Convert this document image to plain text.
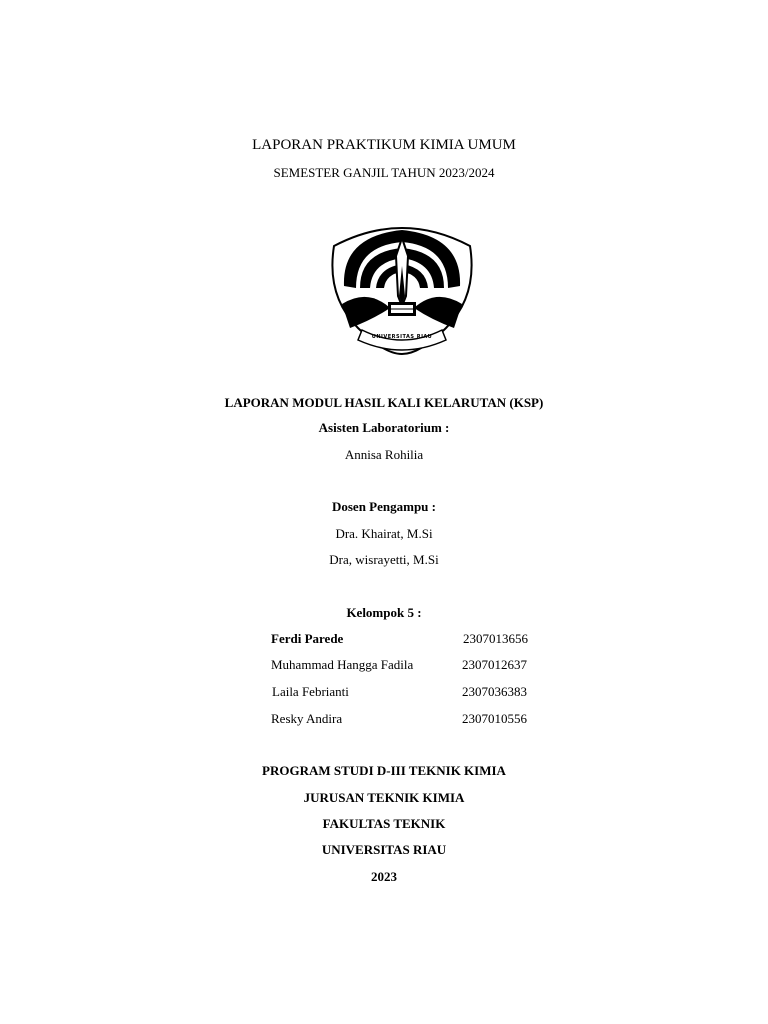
LAPORAN PRAKTIKUM KIMIA UMUM
SEMESTER GANJIL TAHUN 2023/2024
UNIVERSITAS RIAU
LAPORAN MODUL HASIL KALI KELARUTAN (KSP)
Asisten Laboratorium :
Annisa Rohilia
Dosen Pengampu :
Dra. Khairat, M.Si
Dra, wisrayetti, M.Si
Kelompok 5 :
Ferdi Parede	2307013656
Muhammad Hangga Fadila	2307012637
Laila Febrianti	2307036383
Resky Andira	2307010556
PROGRAM STUDI D-III TEKNIK KIMIA
JURUSAN TEKNIK KIMIA
FAKULTAS TEKNIK
UNIVERSITAS RIAU
2023
